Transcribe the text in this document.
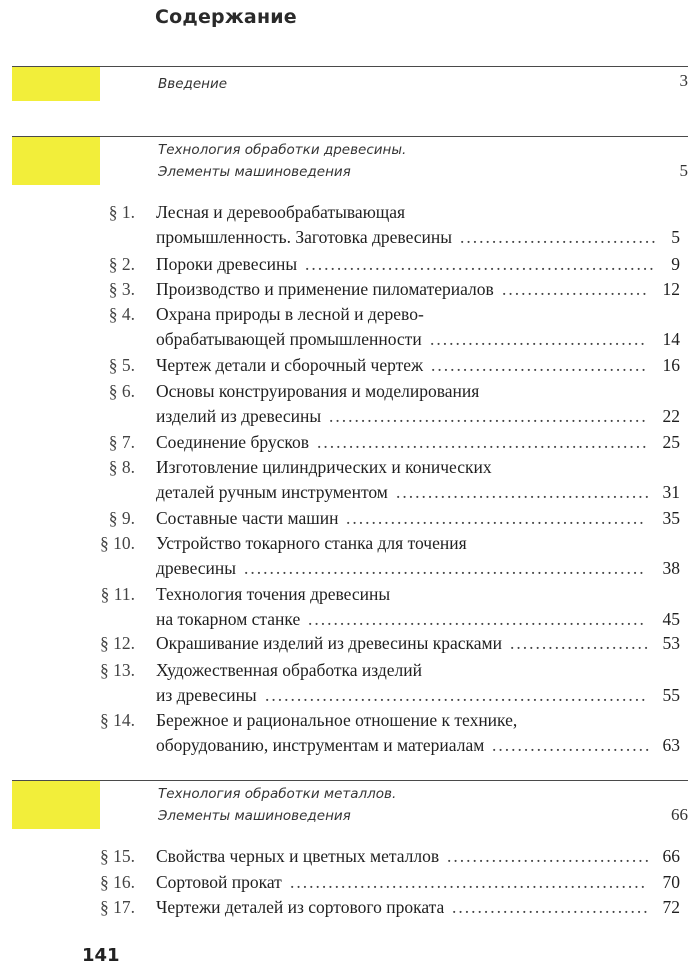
Содержание
Введение	3
Технология обработки древесины.
Элементы машиноведения	5
§ 1. Лесная и деревообрабатывающая
промышленность. Заготовка древесины	5
...............................
§ 2. Пороки древесины	9
.......................................................
§ 3. Производство и применение пиломатериалов	12
.......................
§ 4. Охрана природы в лесной и дерево-
обрабатывающей промышленности	14
..................................
§ 5. Чертеж детали и сборочный чертеж	16
..................................
§ 6. Основы конструирования и моделирования
изделий из древесины	22
..................................................
§ 7. Соединение брусков	25
....................................................
§ 8. Изготовление цилиндрических и конических
деталей ручным инструментом	31
........................................
§ 9. Составные части машин	35
...............................................
§ 10. Устройство токарного станка для точения
древесины	38
...............................................................
§ 11. Технология точения древесины
на токарном станке	45
.....................................................
§ 12. Окрашивание изделий из древесины красками	53
......................
§ 13. Художественная обработка изделий
из древесины	55
............................................................
§ 14. Бережное и рациональное отношение к технике,
оборудованию, инструментам и материалам	63
.........................
Технология обработки металлов.
Элементы машиноведения	66
§ 15. Свойства черных и цветных металлов	66
................................
§ 16. Сортовой прокат	70
........................................................
§ 17. Чертежи деталей из сортового проката	72
...............................
141
